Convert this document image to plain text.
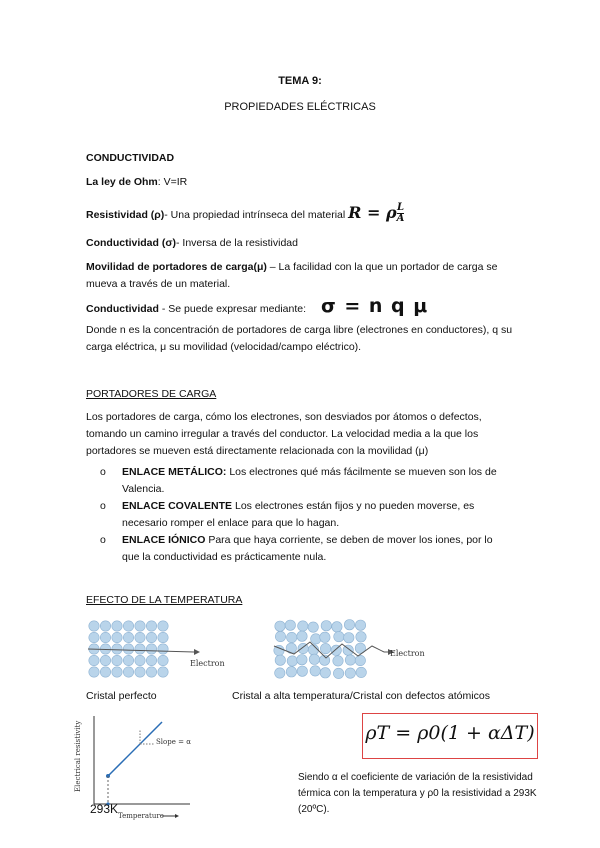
TEMA 9:
PROPIEDADES ELÉCTRICAS
CONDUCTIVIDAD

La ley de Ohm: V=IR

Resistividad (ρ)- Una propiedad intrínseca del material R = ρ $\frac{L}{A}$

Conductividad (σ)- Inversa de la resistividad

Movilidad de portadores de carga(μ) – La facilidad con la que un portador de carga se mueva a través de un material.

Conductividad - Se puede expresar mediante: σ = n q μ

Donde n es la concentración de portadores de carga libre (electrones en conductores), q su carga eléctrica, μ su movilidad (velocidad/campo eléctrico).

PORTADORES DE CARGA

Los portadores de carga, cómo los electrones, son desviados por átomos o defectos, tomando un camino irregular a través del conductor. La velocidad media a la que los portadores se mueven está directamente relacionada con la movilidad (μ)

o ENLACE METÁLICO: Los electrones qué más fácilmente se mueven son los de Valencia.
o ENLACE COVALENTE Los electrones están fijos y no pueden moverse, es necesario romper el enlace para que lo hagan.
o ENLACE IÓNICO Para que haya corriente, se deben de mover los iones, por lo que la conductividad es prácticamente nula.
EFECTO DE LA TEMPERATURA
Electron
Electron
Cristal perfecto	Cristal a alta temperatura/Cristal con defectos atómicos
Slope = α
Electrical resistivity
Temperature
293K
ρT = ρ0(1 + αΔT)

Siendo α el coeficiente de variación de la resistividad térmica con la temperatura y ρ0 la resistividad a 293K (20ºC).
